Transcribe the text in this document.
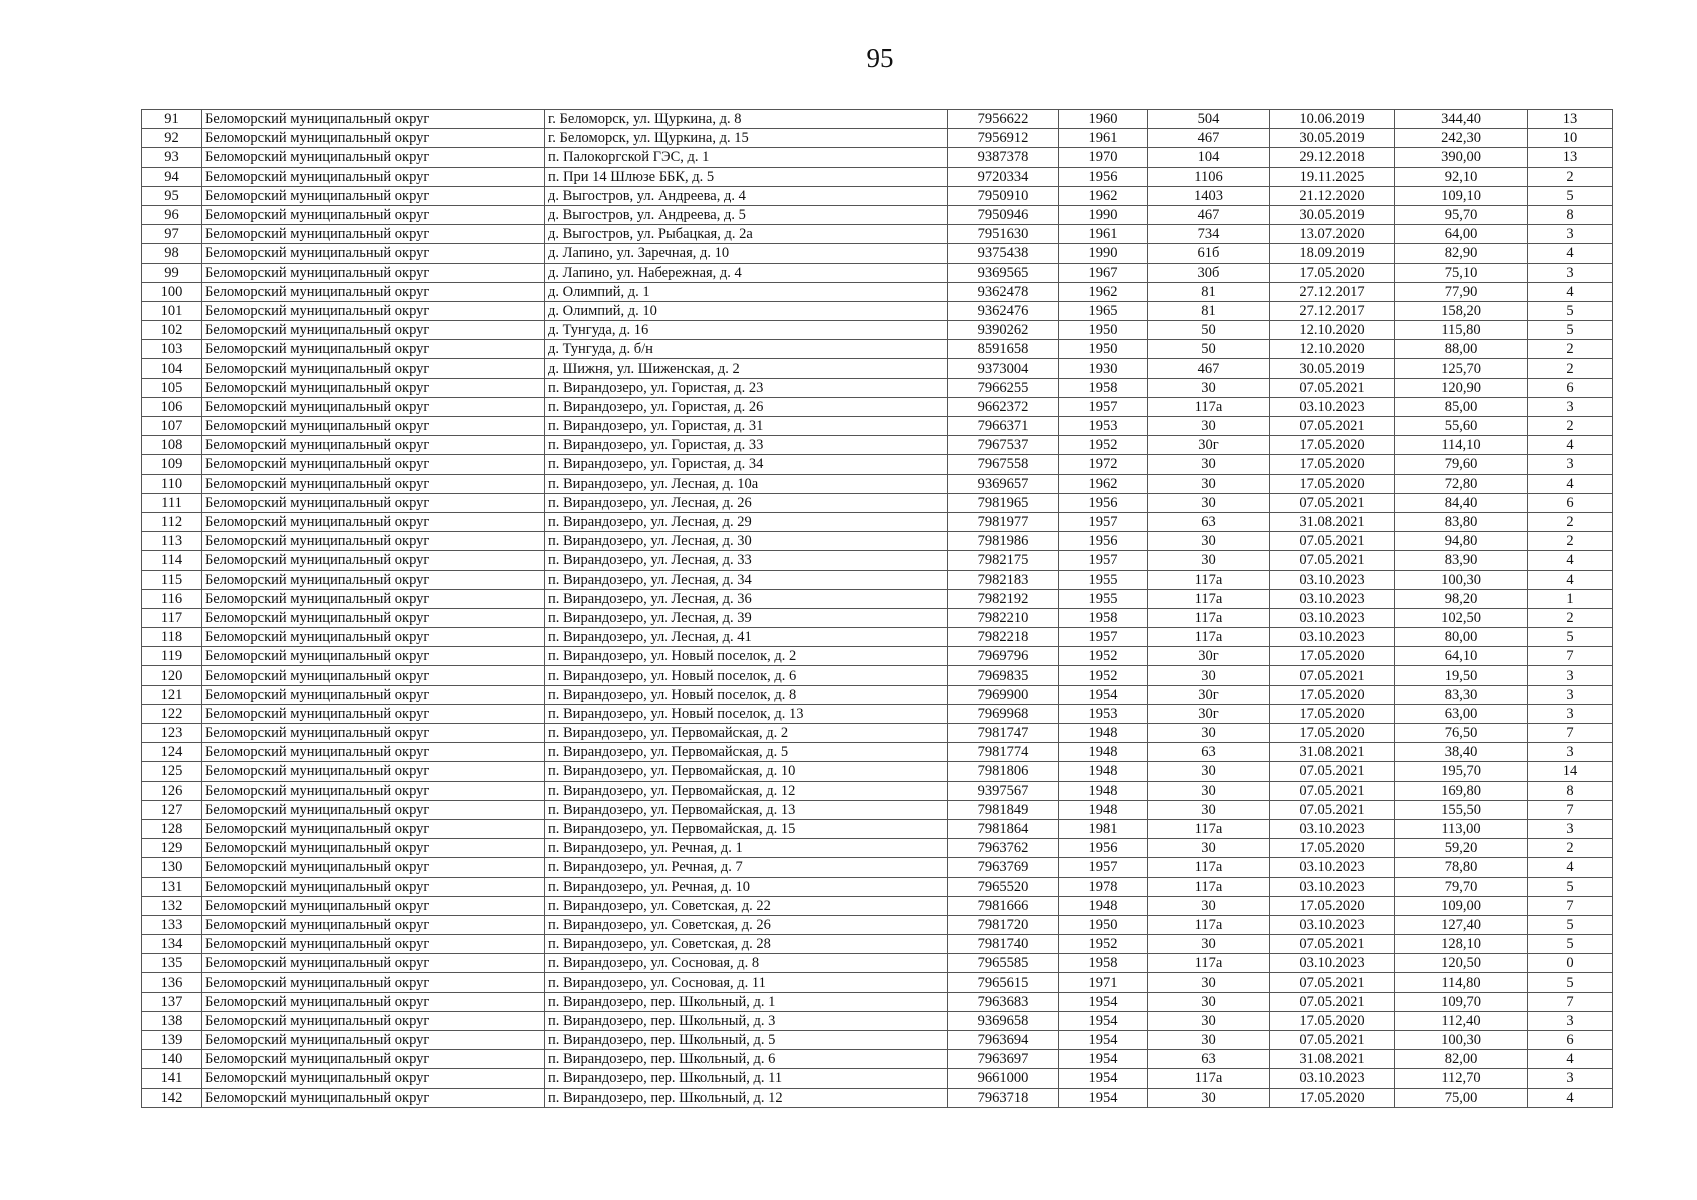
95
91	Беломорский муниципальный округ	г. Беломорск, ул. Щуркина, д. 8	7956622	1960	504	10.06.2019	344,40	13
92	Беломорский муниципальный округ	г. Беломорск, ул. Щуркина, д. 15	7956912	1961	467	30.05.2019	242,30	10
93	Беломорский муниципальный округ	п. Палокоргской ГЭС, д. 1	9387378	1970	104	29.12.2018	390,00	13
94	Беломорский муниципальный округ	п. При 14 Шлюзе ББК, д. 5	9720334	1956	1106	19.11.2025	92,10	2
95	Беломорский муниципальный округ	д. Выгостров, ул. Андреева, д. 4	7950910	1962	1403	21.12.2020	109,10	5
96	Беломорский муниципальный округ	д. Выгостров, ул. Андреева, д. 5	7950946	1990	467	30.05.2019	95,70	8
97	Беломорский муниципальный округ	д. Выгостров, ул. Рыбацкая, д. 2а	7951630	1961	734	13.07.2020	64,00	3
98	Беломорский муниципальный округ	д. Лапино, ул. Заречная, д. 10	9375438	1990	61б	18.09.2019	82,90	4
99	Беломорский муниципальный округ	д. Лапино, ул. Набережная, д. 4	9369565	1967	30б	17.05.2020	75,10	3
100	Беломорский муниципальный округ	д. Олимпий, д. 1	9362478	1962	81	27.12.2017	77,90	4
101	Беломорский муниципальный округ	д. Олимпий, д. 10	9362476	1965	81	27.12.2017	158,20	5
102	Беломорский муниципальный округ	д. Тунгуда, д. 16	9390262	1950	50	12.10.2020	115,80	5
103	Беломорский муниципальный округ	д. Тунгуда, д. б/н	8591658	1950	50	12.10.2020	88,00	2
104	Беломорский муниципальный округ	д. Шижня, ул. Шиженская, д. 2	9373004	1930	467	30.05.2019	125,70	2
105	Беломорский муниципальный округ	п. Вирандозеро, ул. Гористая, д. 23	7966255	1958	30	07.05.2021	120,90	6
106	Беломорский муниципальный округ	п. Вирандозеро, ул. Гористая, д. 26	9662372	1957	117а	03.10.2023	85,00	3
107	Беломорский муниципальный округ	п. Вирандозеро, ул. Гористая, д. 31	7966371	1953	30	07.05.2021	55,60	2
108	Беломорский муниципальный округ	п. Вирандозеро, ул. Гористая, д. 33	7967537	1952	30г	17.05.2020	114,10	4
109	Беломорский муниципальный округ	п. Вирандозеро, ул. Гористая, д. 34	7967558	1972	30	17.05.2020	79,60	3
110	Беломорский муниципальный округ	п. Вирандозеро, ул. Лесная, д. 10а	9369657	1962	30	17.05.2020	72,80	4
111	Беломорский муниципальный округ	п. Вирандозеро, ул. Лесная, д. 26	7981965	1956	30	07.05.2021	84,40	6
112	Беломорский муниципальный округ	п. Вирандозеро, ул. Лесная, д. 29	7981977	1957	63	31.08.2021	83,80	2
113	Беломорский муниципальный округ	п. Вирандозеро, ул. Лесная, д. 30	7981986	1956	30	07.05.2021	94,80	2
114	Беломорский муниципальный округ	п. Вирандозеро, ул. Лесная, д. 33	7982175	1957	30	07.05.2021	83,90	4
115	Беломорский муниципальный округ	п. Вирандозеро, ул. Лесная, д. 34	7982183	1955	117а	03.10.2023	100,30	4
116	Беломорский муниципальный округ	п. Вирандозеро, ул. Лесная, д. 36	7982192	1955	117а	03.10.2023	98,20	1
117	Беломорский муниципальный округ	п. Вирандозеро, ул. Лесная, д. 39	7982210	1958	117а	03.10.2023	102,50	2
118	Беломорский муниципальный округ	п. Вирандозеро, ул. Лесная, д. 41	7982218	1957	117а	03.10.2023	80,00	5
119	Беломорский муниципальный округ	п. Вирандозеро, ул. Новый поселок, д. 2	7969796	1952	30г	17.05.2020	64,10	7
120	Беломорский муниципальный округ	п. Вирандозеро, ул. Новый поселок, д. 6	7969835	1952	30	07.05.2021	19,50	3
121	Беломорский муниципальный округ	п. Вирандозеро, ул. Новый поселок, д. 8	7969900	1954	30г	17.05.2020	83,30	3
122	Беломорский муниципальный округ	п. Вирандозеро, ул. Новый поселок, д. 13	7969968	1953	30г	17.05.2020	63,00	3
123	Беломорский муниципальный округ	п. Вирандозеро, ул. Первомайская, д. 2	7981747	1948	30	17.05.2020	76,50	7
124	Беломорский муниципальный округ	п. Вирандозеро, ул. Первомайская, д. 5	7981774	1948	63	31.08.2021	38,40	3
125	Беломорский муниципальный округ	п. Вирандозеро, ул. Первомайская, д. 10	7981806	1948	30	07.05.2021	195,70	14
126	Беломорский муниципальный округ	п. Вирандозеро, ул. Первомайская, д. 12	9397567	1948	30	07.05.2021	169,80	8
127	Беломорский муниципальный округ	п. Вирандозеро, ул. Первомайская, д. 13	7981849	1948	30	07.05.2021	155,50	7
128	Беломорский муниципальный округ	п. Вирандозеро, ул. Первомайская, д. 15	7981864	1981	117а	03.10.2023	113,00	3
129	Беломорский муниципальный округ	п. Вирандозеро, ул. Речная, д. 1	7963762	1956	30	17.05.2020	59,20	2
130	Беломорский муниципальный округ	п. Вирандозеро, ул. Речная, д. 7	7963769	1957	117а	03.10.2023	78,80	4
131	Беломорский муниципальный округ	п. Вирандозеро, ул. Речная, д. 10	7965520	1978	117а	03.10.2023	79,70	5
132	Беломорский муниципальный округ	п. Вирандозеро, ул. Советская, д. 22	7981666	1948	30	17.05.2020	109,00	7
133	Беломорский муниципальный округ	п. Вирандозеро, ул. Советская, д. 26	7981720	1950	117а	03.10.2023	127,40	5
134	Беломорский муниципальный округ	п. Вирандозеро, ул. Советская, д. 28	7981740	1952	30	07.05.2021	128,10	5
135	Беломорский муниципальный округ	п. Вирандозеро, ул. Сосновая, д. 8	7965585	1958	117а	03.10.2023	120,50	0
136	Беломорский муниципальный округ	п. Вирандозеро, ул. Сосновая, д. 11	7965615	1971	30	07.05.2021	114,80	5
137	Беломорский муниципальный округ	п. Вирандозеро, пер. Школьный, д. 1	7963683	1954	30	07.05.2021	109,70	7
138	Беломорский муниципальный округ	п. Вирандозеро, пер. Школьный, д. 3	9369658	1954	30	17.05.2020	112,40	3
139	Беломорский муниципальный округ	п. Вирандозеро, пер. Школьный, д. 5	7963694	1954	30	07.05.2021	100,30	6
140	Беломорский муниципальный округ	п. Вирандозеро, пер. Школьный, д. 6	7963697	1954	63	31.08.2021	82,00	4
141	Беломорский муниципальный округ	п. Вирандозеро, пер. Школьный, д. 11	9661000	1954	117а	03.10.2023	112,70	3
142	Беломорский муниципальный округ	п. Вирандозеро, пер. Школьный, д. 12	7963718	1954	30	17.05.2020	75,00	4
